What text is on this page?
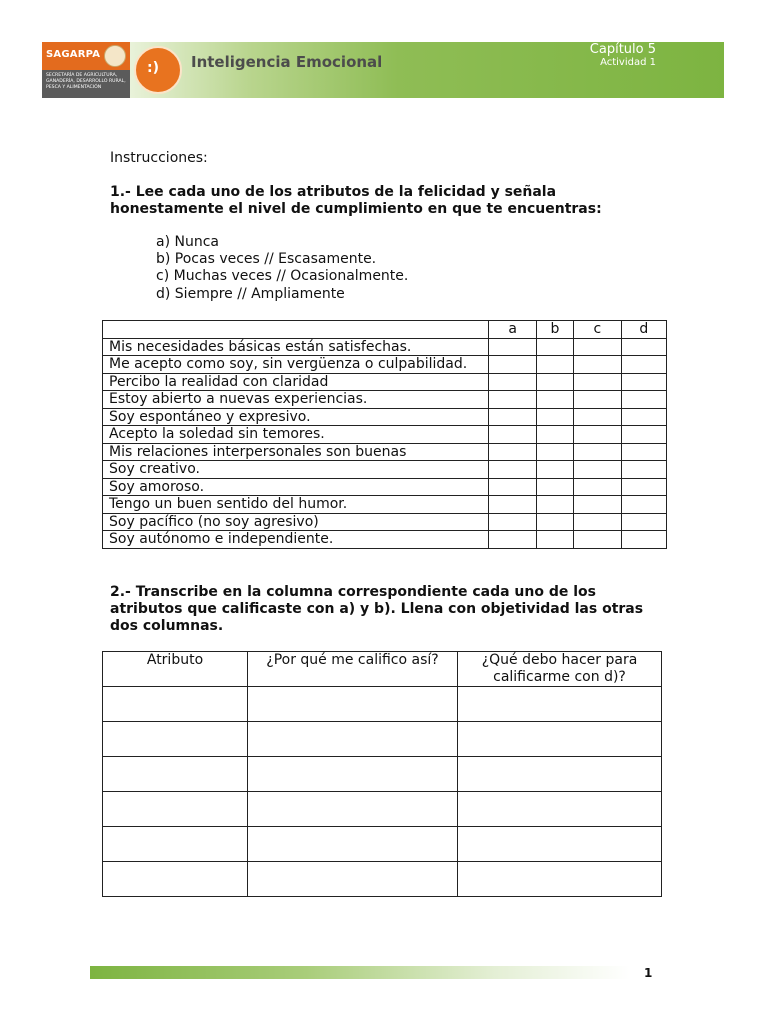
SAGARPA
SECRETARÍA DE AGRICULTURA, GANADERÍA, DESARROLLO RURAL, PESCA Y ALIMENTACIÓN
:) Inteligencia Emocional
Capítulo 5
Actividad 1
Instrucciones:
1.- Lee cada uno de los atributos de la felicidad y señala honestamente el nivel de cumplimiento en que te encuentras:
a) Nunca
b) Pocas veces // Escasamente.
c) Muchas veces // Ocasionalmente.
d) Siempre // Ampliamente
	a	b	c	d
Mis necesidades básicas están satisfechas.				
Me acepto como soy, sin vergüenza o culpabilidad.				
Percibo la realidad con claridad				
Estoy abierto a nuevas experiencias.				
Soy espontáneo y expresivo.				
Acepto la soledad sin temores.				
Mis relaciones interpersonales son buenas				
Soy creativo.				
Soy amoroso.				
Tengo un buen sentido del humor.				
Soy pacífico (no soy agresivo)				
Soy autónomo e independiente.				
2.- Transcribe en la columna correspondiente cada uno de los atributos que calificaste con a) y b). Llena con objetividad las otras dos columnas.
Atributo	¿Por qué me califico así?	¿Qué debo hacer para calificarme con d)?

1
